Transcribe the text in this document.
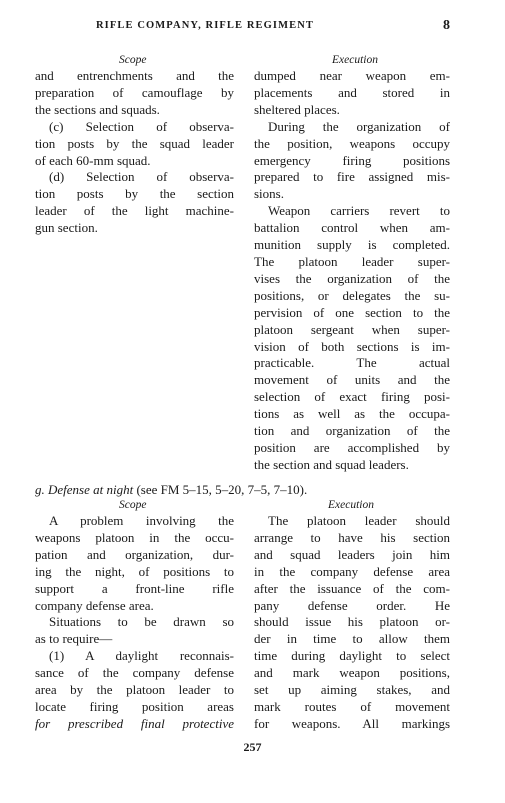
RIFLE COMPANY, RIFLE REGIMENT	8
Scope	Execution

and entrenchments and the

preparation of camouflage by

the sections and squads.

(c) Selection of observa-

tion posts by the squad leader

of each 60-mm squad.

(d) Selection of observa-

tion posts by the section

leader of the light machine-

gun section.

dumped near weapon em-

placements and stored in

sheltered places.

During the organization of

the position, weapons occupy

emergency firing positions

prepared to fire assigned mis-

sions.

Weapon carriers revert to

battalion control when am-

munition supply is completed.

The platoon leader super-

vises the organization of the

positions, or delegates the su-

pervision of one section to the

platoon sergeant when super-

vision of both sections is im-

practicable. The actual

movement of units and the

selection of exact firing posi-

tions as well as the occupa-

tion and organization of the

position are accomplished by

the section and squad leaders.

g. Defense at night (see FM 5–15, 5–20, 7–5, 7–10).
Scope	Execution

A problem involving the

weapons platoon in the occu-

pation and organization, dur-

ing the night, of positions to

support a front-line rifle

company defense area.

Situations to be drawn so

as to require—

(1) A daylight reconnais-

sance of the company defense

area by the platoon leader to

locate firing position areas

for prescribed final protective

The platoon leader should

arrange to have his section

and squad leaders join him

in the company defense area

after the issuance of the com-

pany defense order. He

should issue his platoon or-

der in time to allow them

time during daylight to select

and mark weapon positions,

set up aiming stakes, and

mark routes of movement

for weapons. All markings

257
